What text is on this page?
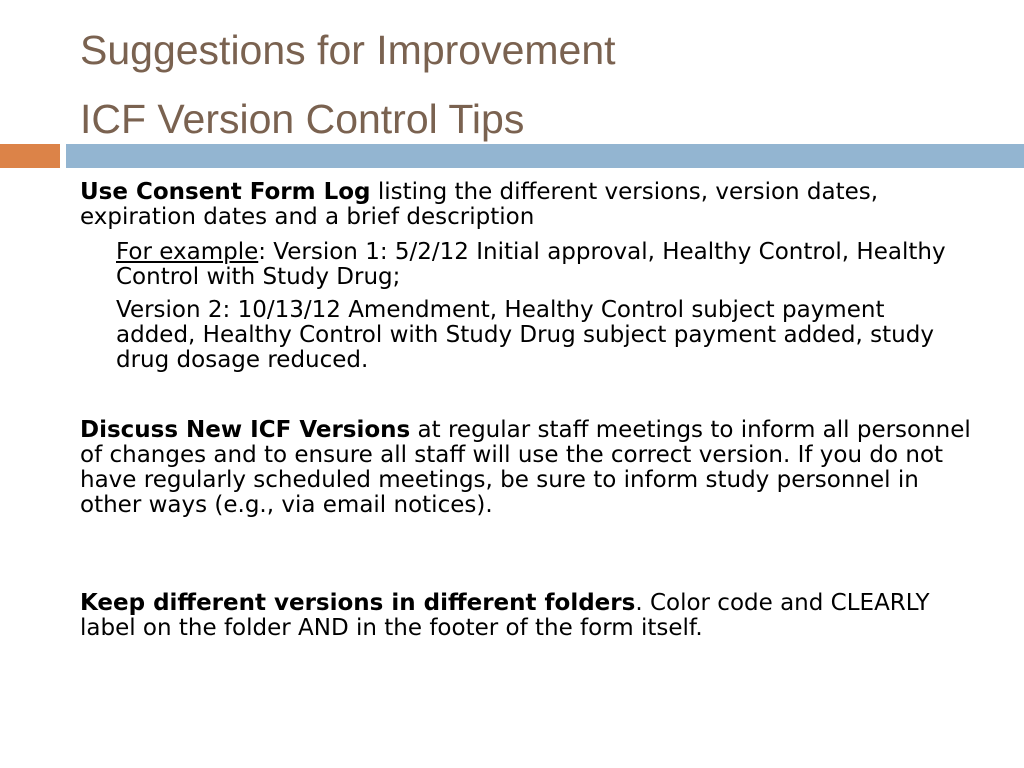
Suggestions for Improvement
ICF Version Control Tips

Use Consent Form Log listing the different versions, version dates, expiration dates and a brief description

For example: Version 1: 5/2/12 Initial approval, Healthy Control, Healthy Control with Study Drug;

Version 2: 10/13/12 Amendment, Healthy Control subject payment added, Healthy Control with Study Drug subject payment added, study drug dosage reduced.

Discuss New ICF Versions at regular staff meetings to inform all personnel of changes and to ensure all staff will use the correct version. If you do not have regularly scheduled meetings, be sure to inform study personnel in other ways (e.g., via email notices).

Keep different versions in different folders. Color code and CLEARLY label on the folder AND in the footer of the form itself.
